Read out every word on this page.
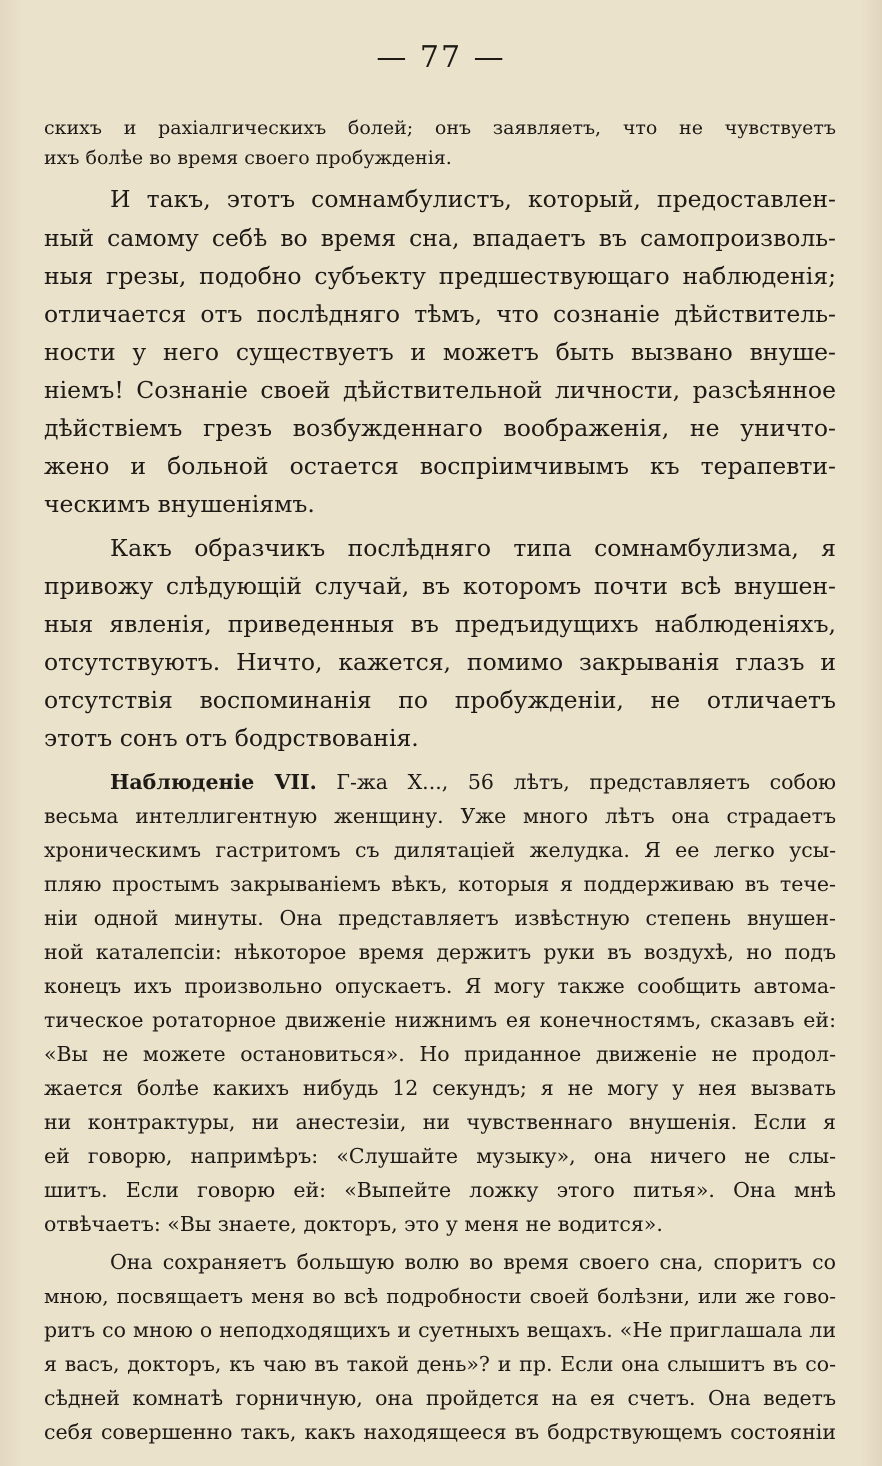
— 77 —
скихъ и рахіалгическихъ болей; онъ заявляетъ, что не чувствуетъ
ихъ болѣе во время своего пробужденія.
И такъ, этотъ сомнамбулистъ, который, предоставлен-
ный самому себѣ во время сна, впадаетъ въ самопроизволь-
ныя грезы, подобно субъекту предшествующаго наблюденія;
отличается отъ послѣдняго тѣмъ, что сознаніе дѣйствитель-
ности у него существуетъ и можетъ быть вызвано внуше-
ніемъ! Сознаніе своей дѣйствительной личности, разсѣянное
дѣйствіемъ грезъ возбужденнаго воображенія, не уничто-
жено и больной остается воспріимчивымъ къ терапевти-
ческимъ внушеніямъ.
Какъ образчикъ послѣдняго типа сомнамбулизма, я
привожу слѣдующій случай, въ которомъ почти всѣ внушен-
ныя явленія, приведенныя въ предъидущихъ наблюденіяхъ,
отсутствуютъ. Ничто, кажется, помимо закрыванія глазъ и
отсутствія воспоминанія по пробужденіи, не отличаетъ
этотъ сонъ отъ бодрствованія.
Наблюденіе VII. Г-жа X..., 56 лѣтъ, представляетъ собою
весьма интеллигентную женщину. Уже много лѣтъ она страдаетъ
хроническимъ гастритомъ съ дилятаціей желудка. Я ее легко усы-
пляю простымъ закрываніемъ вѣкъ, которыя я поддерживаю въ тече-
ніи одной минуты. Она представляетъ извѣстную степень внушен-
ной каталепсіи: нѣкоторое время держитъ руки въ воздухѣ, но подъ
конецъ ихъ произвольно опускаетъ. Я могу также сообщить автома-
тическое ротаторное движеніе нижнимъ ея конечностямъ, сказавъ ей:
«Вы не можете остановиться». Но приданное движеніе не продол-
жается болѣе какихъ нибудь 12 секундъ; я не могу у нея вызвать
ни контрактуры, ни анестезіи, ни чувственнаго внушенія. Если я
ей говорю, напримѣръ: «Слушайте музыку», она ничего не слы-
шитъ. Если говорю ей: «Выпейте ложку этого питья». Она мнѣ
отвѣчаетъ: «Вы знаете, докторъ, это у меня не водится».
Она сохраняетъ большую волю во время своего сна, споритъ со
мною, посвящаетъ меня во всѣ подробности своей болѣзни, или же гово-
ритъ со мною о неподходящихъ и суетныхъ вещахъ. «Не приглашала ли
я васъ, докторъ, къ чаю въ такой день»? и пр. Если она слышитъ въ со-
сѣдней комнатѣ горничную, она пройдется на ея счетъ. Она ведетъ
себя совершенно такъ, какъ находящееся въ бодрствующемъ состояніи
